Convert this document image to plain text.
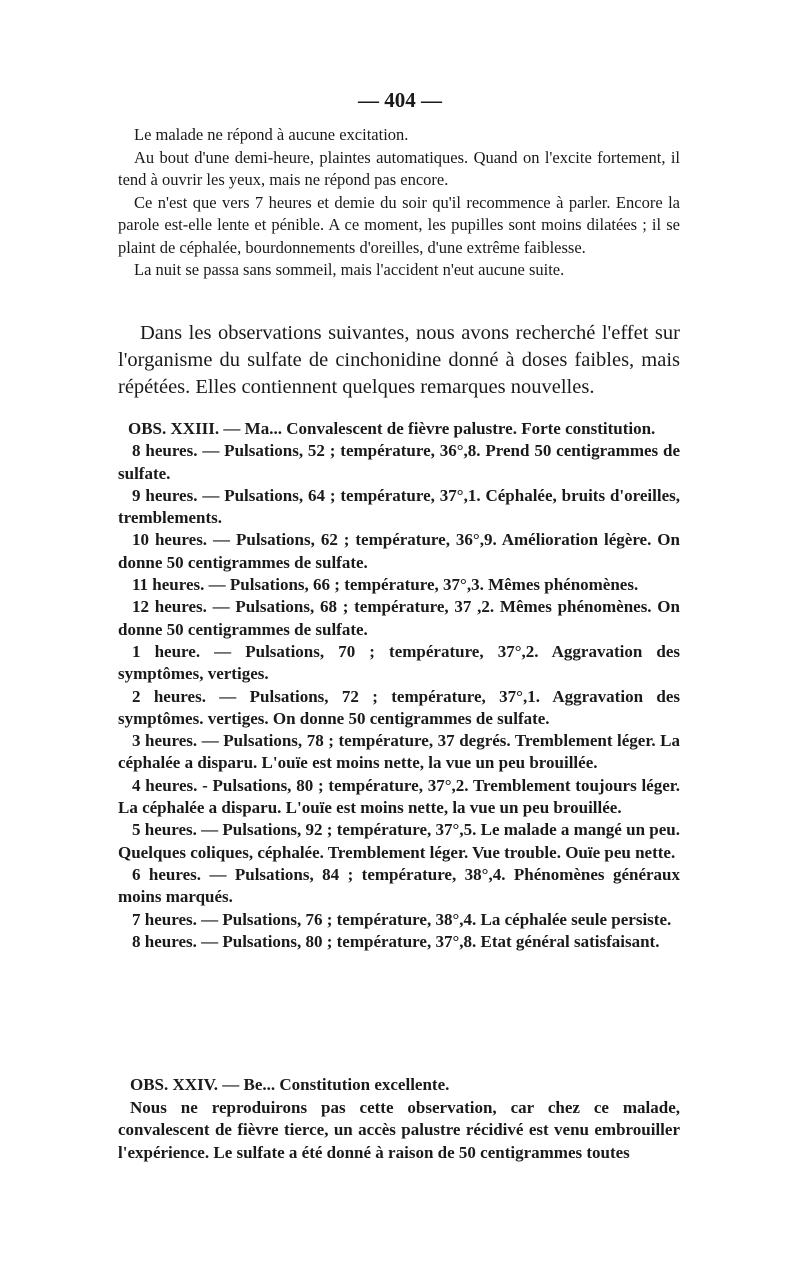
— 404 —

Le malade ne répond à aucune excitation.

Au bout d'une demi-heure, plaintes automatiques. Quand on l'excite fortement, il tend à ouvrir les yeux, mais ne répond pas encore.

Ce n'est que vers 7 heures et demie du soir qu'il recommence à parler. Encore la parole est-elle lente et pénible. A ce moment, les pupilles sont moins dilatées ; il se plaint de céphalée, bourdonnements d'oreilles, d'une extrême faiblesse.

La nuit se passa sans sommeil, mais l'accident n'eut aucune suite.

Dans les observations suivantes, nous avons recherché l'effet sur l'organisme du sulfate de cinchonidine donné à doses faibles, mais répétées. Elles contiennent quelques remarques nouvelles.

OBS. XXIII. — Ma... Convalescent de fièvre palustre. Forte constitution.

8 heures. — Pulsations, 52 ; température, 36°,8. Prend 50 centigrammes de sulfate.

9 heures. — Pulsations, 64 ; température, 37°,1. Céphalée, bruits d'oreilles, tremblements.

10 heures. — Pulsations, 62 ; température, 36°,9. Amélioration légère. On donne 50 centigrammes de sulfate.

11 heures. — Pulsations, 66 ; température, 37°,3. Mêmes phénomènes.

12 heures. — Pulsations, 68 ; température, 37 ,2. Mêmes phénomènes. On donne 50 centigrammes de sulfate.

1 heure. — Pulsations, 70 ; température, 37°,2. Aggravation des symptômes, vertiges.

2 heures. — Pulsations, 72 ; température, 37°,1. Aggravation des symptômes. vertiges. On donne 50 centigrammes de sulfate.

3 heures. — Pulsations, 78 ; température, 37 degrés. Tremblement léger. La céphalée a disparu. L'ouïe est moins nette, la vue un peu brouillée.

4 heures. - Pulsations, 80 ; température, 37°,2. Tremblement toujours léger. La céphalée a disparu. L'ouïe est moins nette, la vue un peu brouillée.

5 heures. — Pulsations, 92 ; température, 37°,5. Le malade a mangé un peu. Quelques coliques, céphalée. Tremblement léger. Vue trouble. Ouïe peu nette.

6 heures. — Pulsations, 84 ; température, 38°,4. Phénomènes généraux moins marqués.

7 heures. — Pulsations, 76 ; température, 38°,4. La céphalée seule persiste.

8 heures. — Pulsations, 80 ; température, 37°,8. Etat général satisfaisant.

OBS. XXIV. — Be... Constitution excellente.

Nous ne reproduirons pas cette observation, car chez ce malade, convalescent de fièvre tierce, un accès palustre récidivé est venu embrouiller l'expérience. Le sulfate a été donné à raison de 50 centigrammes toutes
